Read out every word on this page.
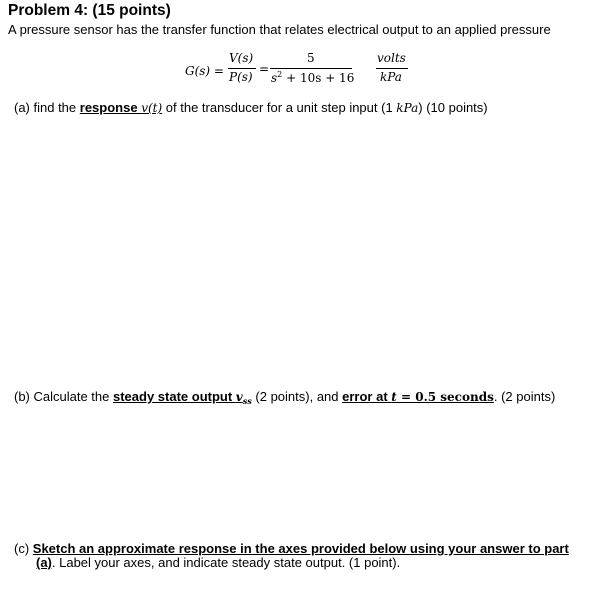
Problem 4: (15 points)
A pressure sensor has the transfer function that relates electrical output to an applied pressure
G(s) =
V(s)
P(s)
=
5
$s^2 + 10s + 16$
volts
kPa
(a) find the response v(t) of the transducer for a unit step input (1 kPa) (10 points)
(b) Calculate the steady state output $v_{ss}$ (2 points), and error at t = 0.5 seconds. (2 points)
(c) Sketch an approximate response in the axes provided below using your answer to part
(a). Label your axes, and indicate steady state output. (1 point).
